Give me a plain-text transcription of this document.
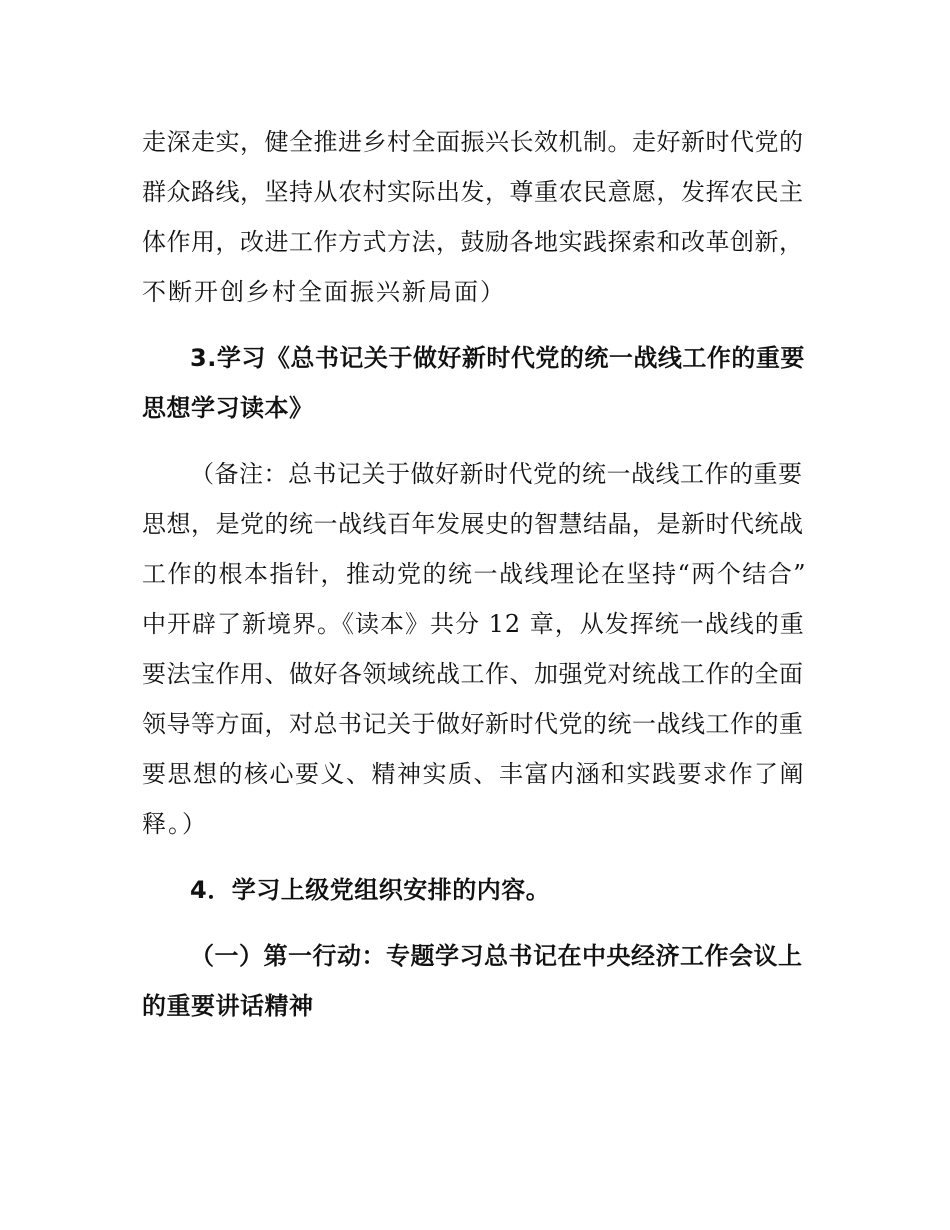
走深走实，健全推进乡村全面振兴长效机制。走好新时代党的
群众路线，坚持从农村实际出发，尊重农民意愿，发挥农民主
体作用，改进工作方式方法，鼓励各地实践探索和改革创新，
不断开创乡村全面振兴新局面）
3.学习《总书记关于做好新时代党的统一战线工作的重要
思想学习读本》
（备注：总书记关于做好新时代党的统一战线工作的重要
思想，是党的统一战线百年发展史的智慧结晶，是新时代统战
工作的根本指针，推动党的统一战线理论在坚持“两个结合”
中开辟了新境界。《读本》共分 12 章，从发挥统一战线的重
要法宝作用、做好各领域统战工作、加强党对统战工作的全面
领导等方面，对总书记关于做好新时代党的统一战线工作的重
要思想的核心要义、精神实质、丰富内涵和实践要求作了阐
释。）
4．学习上级党组织安排的内容。
（一）第一行动：专题学习总书记在中央经济工作会议上
的重要讲话精神
